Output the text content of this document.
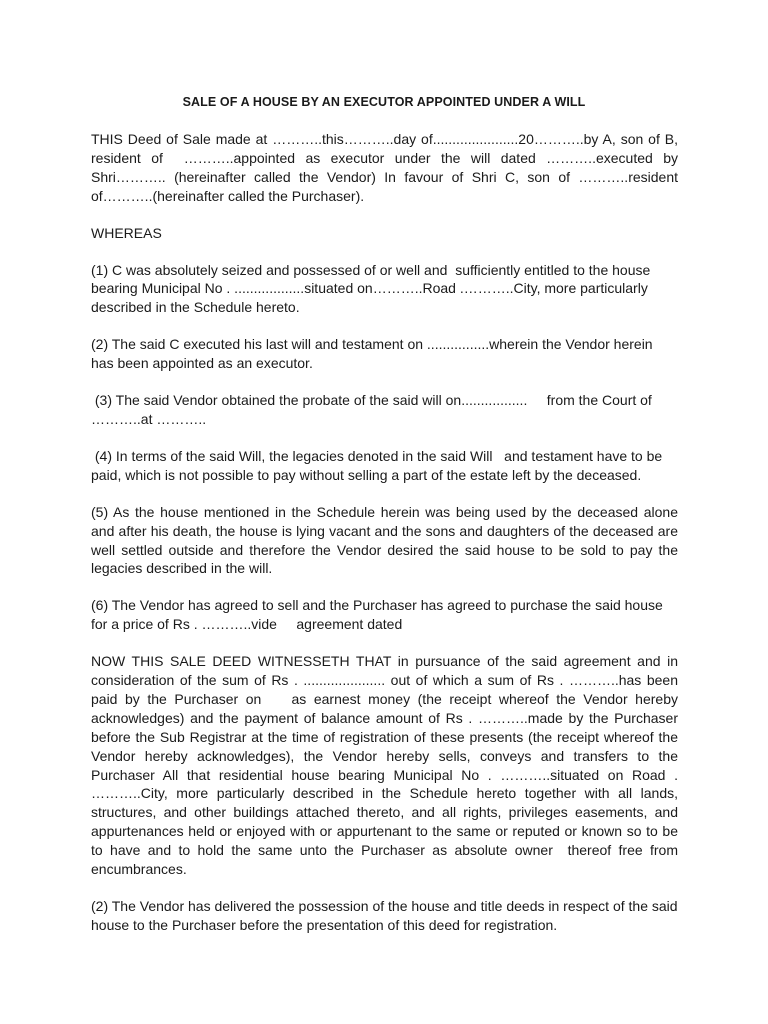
SALE OF A HOUSE BY AN EXECUTOR APPOINTED UNDER A WILL

THIS Deed of Sale made at ………..this………..day of......................20………..by A, son of B, resident of  ………..appointed as executor under the will dated ………..executed by Shri……….. (hereinafter called the Vendor) In favour of Shri C, son of ………..resident of………..(hereinafter called the Purchaser).

WHEREAS

(1) C was absolutely seized and possessed of or well and  sufficiently entitled to the house bearing Municipal No . ..................situated on………..Road .………..City, more particularly described in the Schedule hereto.

(2) The said C executed his last will and testament on ................wherein the Vendor herein has been appointed as an executor.

(3) The said Vendor obtained the probate of the said will on.................     from the Court of ………..at ………..

(4) In terms of the said Will, the legacies denoted in the said Will   and testament have to be paid, which is not possible to pay without selling a part of the estate left by the deceased.

(5) As the house mentioned in the Schedule herein was being used by the deceased alone and after his death, the house is lying vacant and the sons and daughters of the deceased are well settled outside and therefore the Vendor desired the said house to be sold to pay the legacies described in the will.

(6) The Vendor has agreed to sell and the Purchaser has agreed to purchase the said house for a price of Rs . ………..vide     agreement dated

NOW THIS SALE DEED WITNESSETH THAT in pursuance of the said agreement and in consideration of the sum of Rs . ..................... out of which a sum of Rs . ………..has been paid by the Purchaser on    as earnest money (the receipt whereof the Vendor hereby acknowledges) and the payment of balance amount of Rs . ………..made by the Purchaser before the Sub Registrar at the time of registration of these presents (the receipt whereof the Vendor hereby acknowledges), the Vendor hereby sells, conveys and transfers to the Purchaser All that residential house bearing Municipal No . ………..situated on Road . ………..City, more particularly described in the Schedule hereto together with all lands, structures, and other buildings attached thereto, and all rights, privileges easements, and appurtenances held or enjoyed with or appurtenant to the same or reputed or known so to be to have and to hold the same unto the Purchaser as absolute owner  thereof free from encumbrances.

(2) The Vendor has delivered the possession of the house and title deeds in respect of the said house to the Purchaser before the presentation of this deed for registration.
